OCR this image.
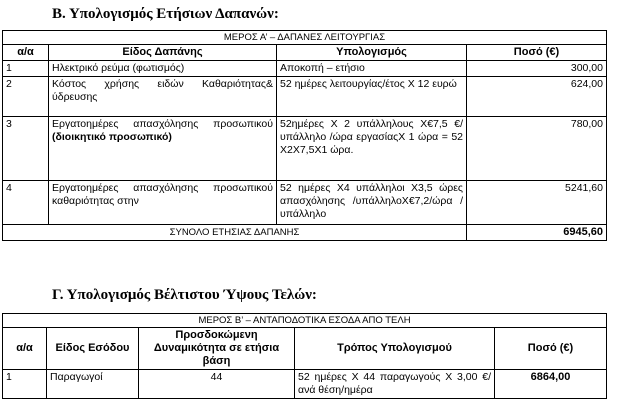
Β. Υπολογισμός Ετήσιων Δαπανών:
ΜΕΡΟΣ Α’ – ΔΑΠΑΝΕΣ ΛΕΙΤΟΥΡΓΙΑΣ			
α/α	Είδος Δαπάνης	Υπολογισμός	Ποσό (€)
1	Ηλεκτρικό ρεύμα (φωτισμός)	Αποκοπή – ετήσιο	300,00
2	Κόστος χρήσης ειδών Καθαριότητας& ύδρευσης	52 ημέρες λειτουργίας/έτος Χ 12 ευρώ	624,00
3	Εργατοημέρες απασχόλησης προσωπικού (διοικητικό προσωπικό)	52ημέρες Χ 2 υπάλληλους Χ€7,5 €/ υπάλληλο /ώρα εργασίαςΧ 1 ώρα = 52 Χ2Χ7,5Χ1 ώρα.	780,00
4	Εργατοημέρες απασχόλησης προσωπικού καθαριότητας στην	52 ημέρες Χ4 υπάλληλοι Χ3,5 ώρες απασχόλησης /υπάλληλοΧ€7,2/ώρα /υπάλληλο	5241,60
ΣΥΝΟΛΟ ΕΤΗΣΙΑΣ ΔΑΠΑΝΗΣ			6945,60
Γ. Υπολογισμός Βέλτιστου Ύψους Τελών:
ΜΕΡΟΣ Β’ – ΑΝΤΑΠΟΔΟΤΙΚΑ ΕΣΟΔΑ ΑΠΟ ΤΕΛΗ				
α/α	Είδος Εσόδου	Προσδοκώμενη Δυναμικότητα σε ετήσια βάση	Τρόπος Υπολογισμού	Ποσό (€)
1	Παραγωγοί	44	52 ημέρες Χ 44 παραγωγούς Χ 3,00 €/ανά θέση/ημέρα	6864,00
